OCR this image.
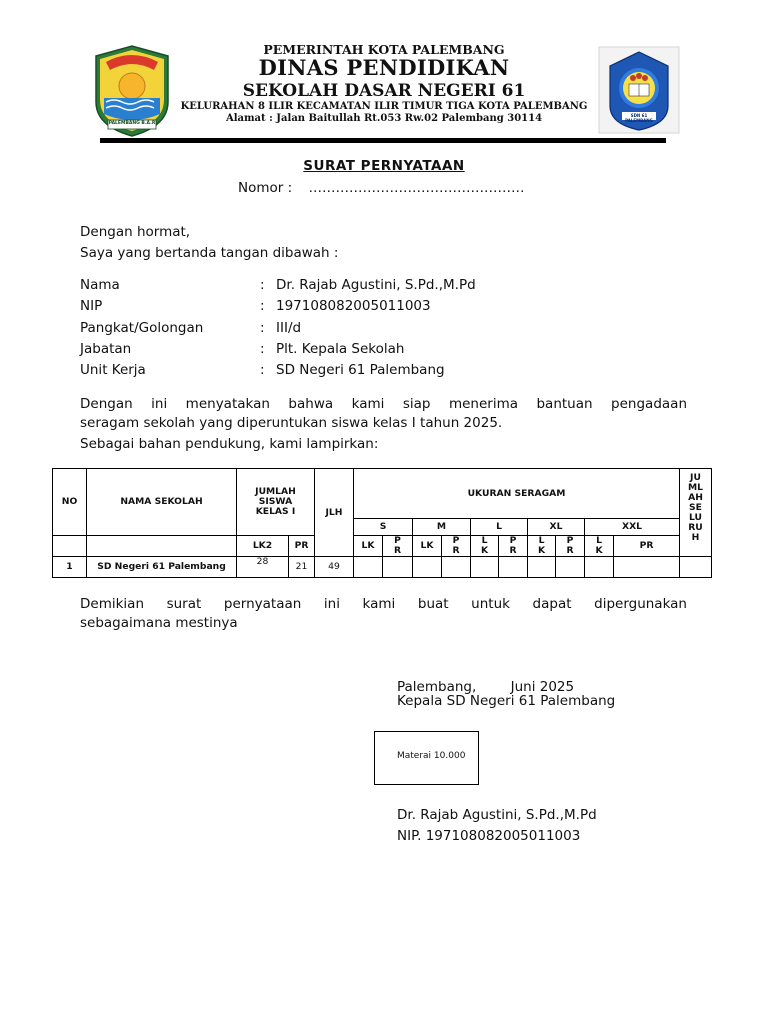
PALEMBANG B.A.R
SDN 61 PALEMBANG
PEMERINTAH KOTA PALEMBANG
DINAS PENDIDIKAN
SEKOLAH DASAR NEGERI 61
KELURAHAN 8 ILIR KECAMATAN ILIR TIMUR TIGA KOTA PALEMBANG
Alamat : Jalan Baitullah Rt.053 Rw.02 Palembang 30114
SURAT PERNYATAAN
Nomor : …………………………………………
Dengan hormat,
Saya yang bertanda tangan dibawah :
Nama	: Dr. Rajab Agustini, S.Pd.,M.Pd
NIP	: 197108082005011003
Pangkat/Golongan	: III/d
Jabatan	: Plt. Kepala Sekolah
Unit Kerja	: SD Negeri 61 Palembang
Dengan ini menyatakan bahwa kami siap menerima bantuan pengadaan
seragam sekolah yang diperuntukan siswa kelas I tahun 2025.
Sebagai bahan pendukung, kami lampirkan:
NO	NAMA SEKOLAH	JUMLAH SISWA KELAS I		JLH	UKURAN SERAGAM										JUMLAH SELURUH
					S		M		L		XL		XXL		
		LK2	PR		LK	PR	LK	PR	LK	PR	LK	PR	LK	PR	
1	SD Negeri 61 Palembang	28	21	49											
Demikian surat pernyataan ini kami buat untuk dapat dipergunakan
sebagaimana mestinya
Palembang,        Juni 2025
Kepala SD Negeri 61 Palembang
Materai 10.000
Dr. Rajab Agustini, S.Pd.,M.Pd
NIP. 197108082005011003
